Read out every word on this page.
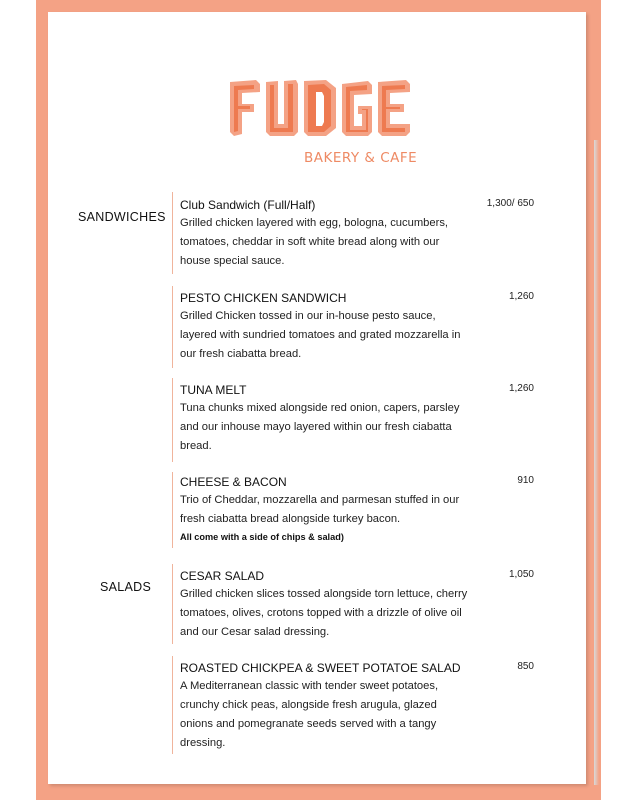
BAKERY & CAFE
SANDWICHES
SALADS
Club Sandwich (Full/Half)
Grilled chicken layered with egg, bologna, cucumbers, tomatoes, cheddar in soft white bread along with our house special sauce.
1,300/ 650
PESTO CHICKEN SANDWICH
Grilled Chicken tossed in our in-house pesto sauce, layered with sundried tomatoes and grated mozzarella in our fresh ciabatta bread.
1,260
TUNA MELT
Tuna chunks mixed alongside red onion, capers, parsley and our inhouse mayo layered within our fresh ciabatta bread.
1,260
CHEESE & BACON
Trio of Cheddar, mozzarella and parmesan stuffed in our fresh ciabatta bread alongside turkey bacon.
All come with a side of chips & salad)
910
CESAR SALAD
Grilled chicken slices tossed alongside torn lettuce, cherry tomatoes, olives, crotons topped with a drizzle of olive oil and our Cesar salad dressing.
1,050
ROASTED CHICKPEA & SWEET POTATOE SALAD
A Mediterranean classic with tender sweet potatoes, crunchy chick peas, alongside fresh arugula, glazed onions and pomegranate seeds served with a tangy dressing.
850
